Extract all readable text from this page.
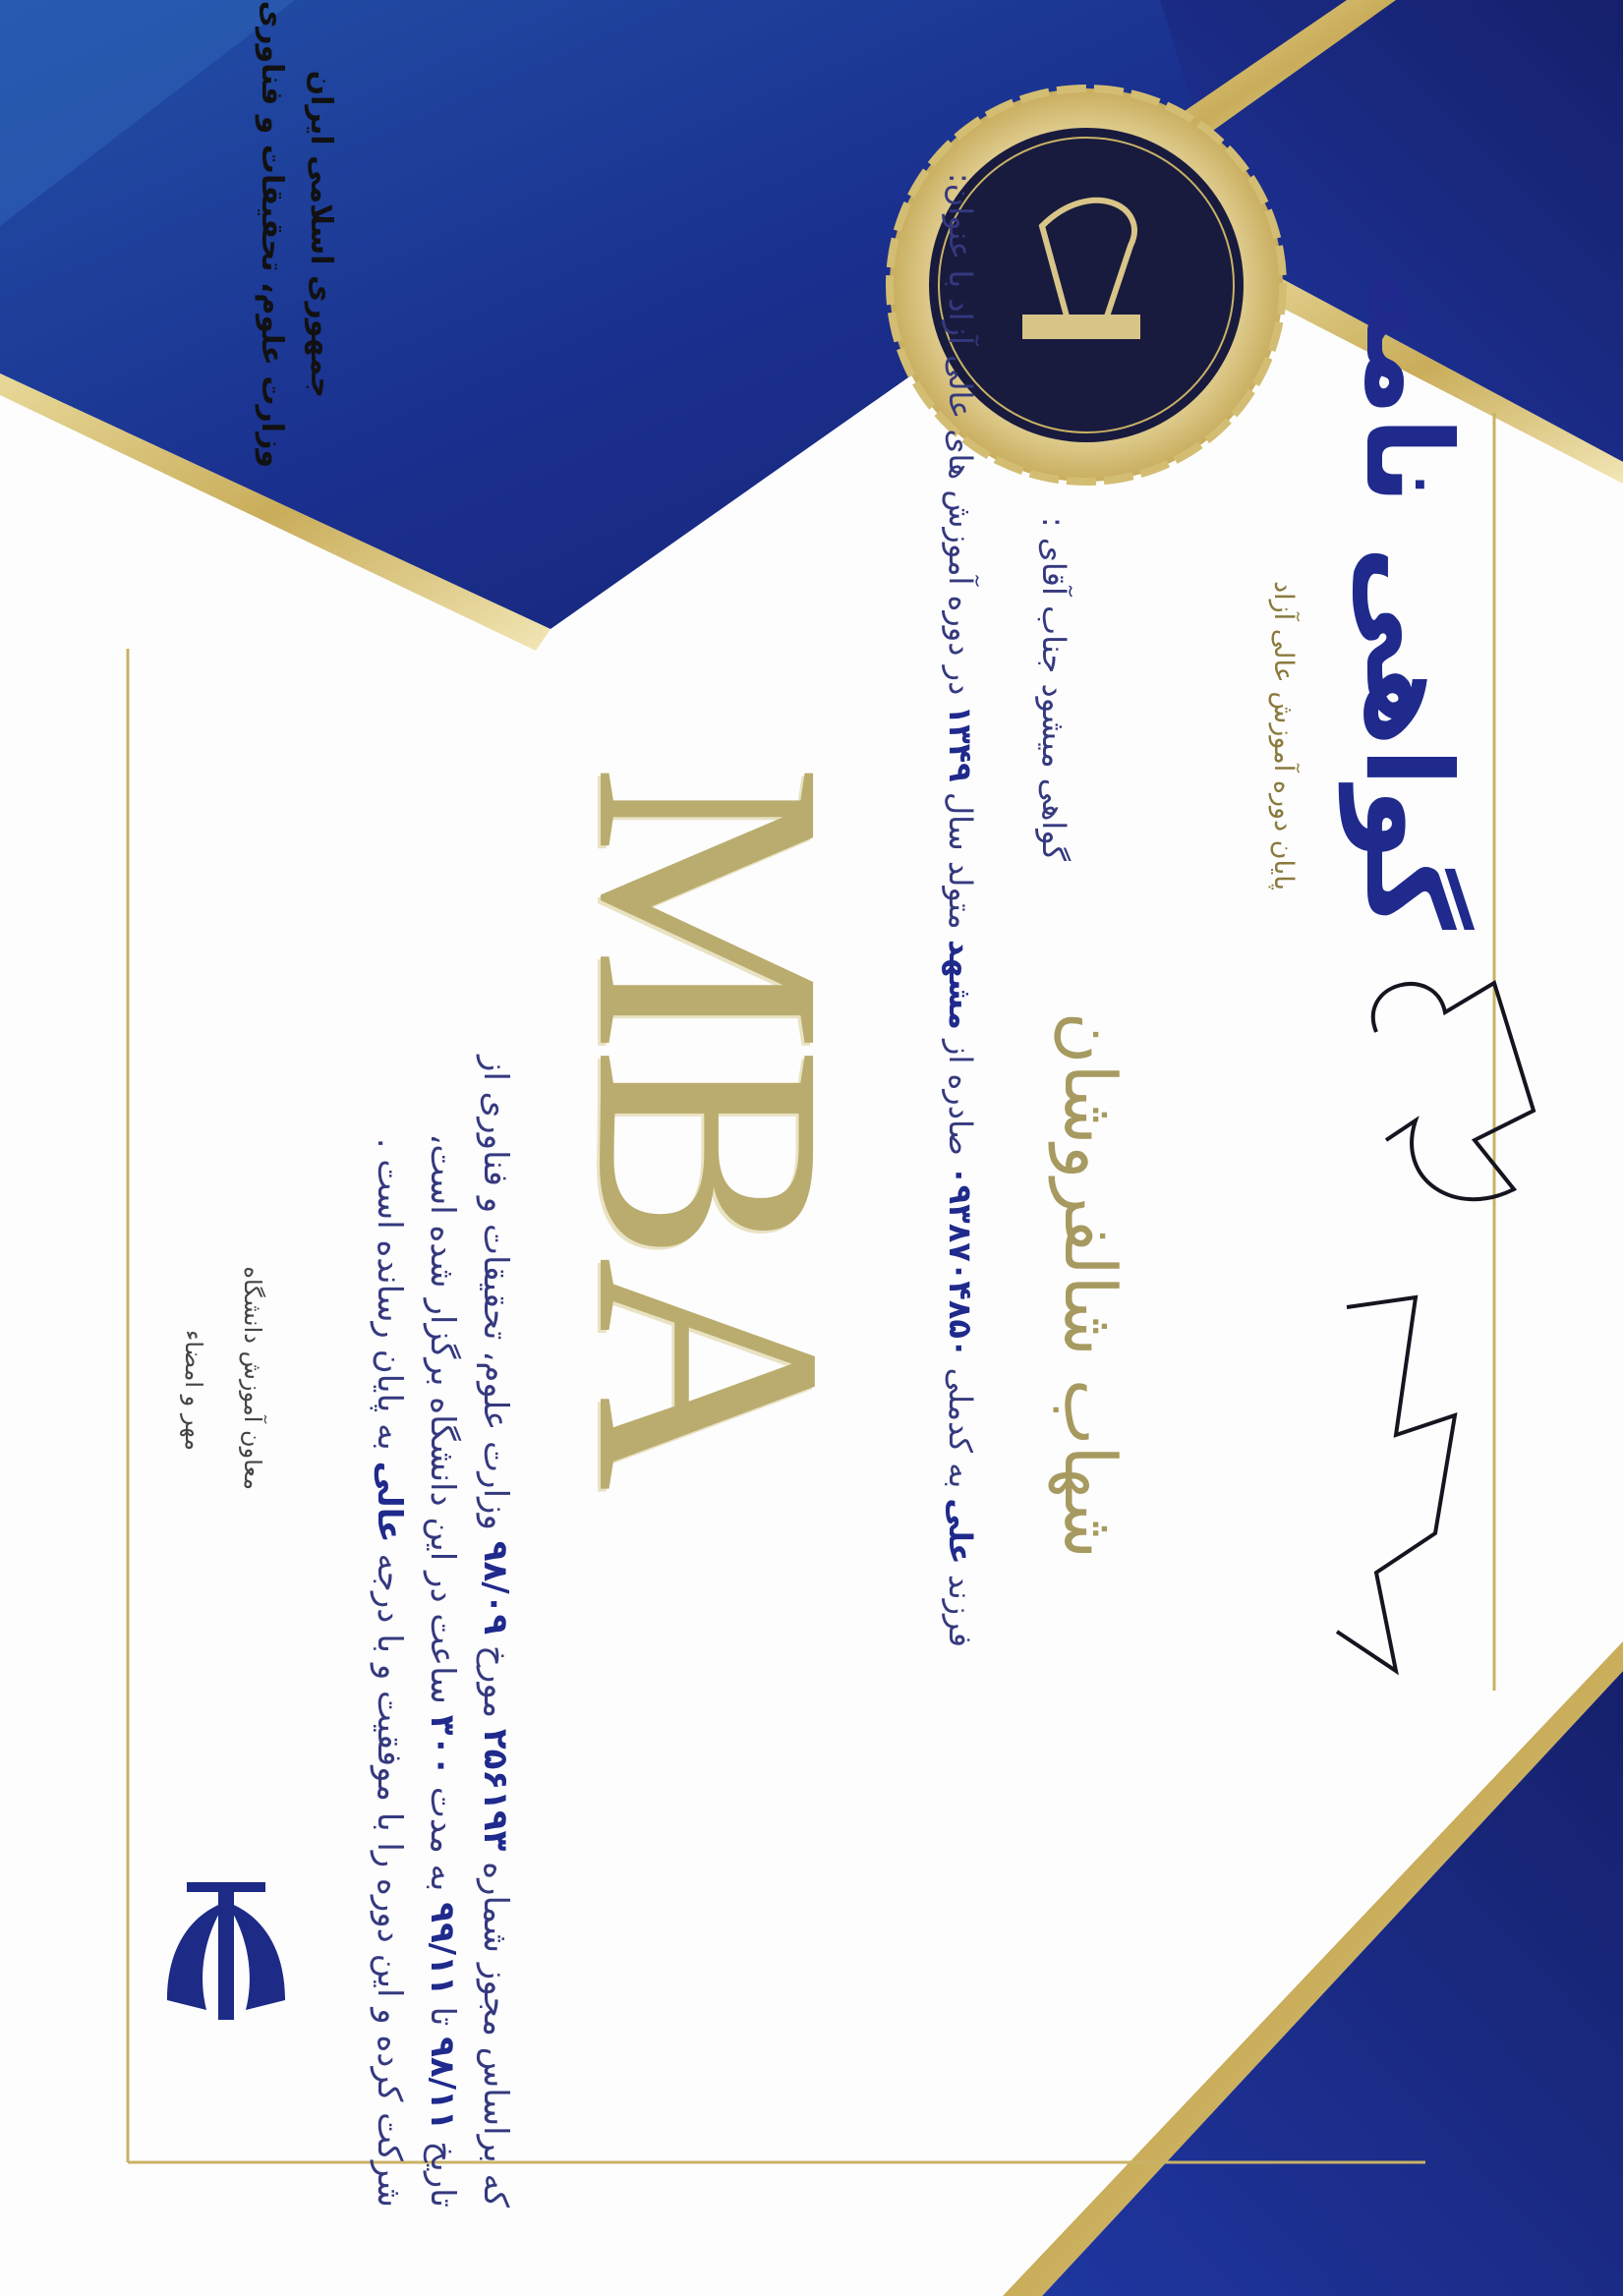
گواهی نامه
پایان دوره آموزش عالی آزاد
گواهی میشود جناب آقای :
شهاب شالفروشان
فرزند علی به کدملی ۰۹۳۸۷۰۴۸۵۰ صادره از مشهد متولد سال ۱۳۴۹ در دوره آموزش های عالی آزاد با عنوان:
MBA
که براساس مجوز شماره ۲۵۶۱۹۳ مورخ ۹۸/۰۹ وزارت علوم، تحقیقات و فناوری از تاریخ ۹۸/۱۱ تا ۹۹/۱۱ به مدت ۳۰۰ ساعت در این دانشگاه برگزار شده است، شرکت کرده و این دوره را با موفقیت و با درجه عالی به پایان رسانده است .
معاون آموزش دانشگاه
مهر و امضاء
جمهوری اسلامی ایران
وزارت علوم، تحقیقات و فناوری
